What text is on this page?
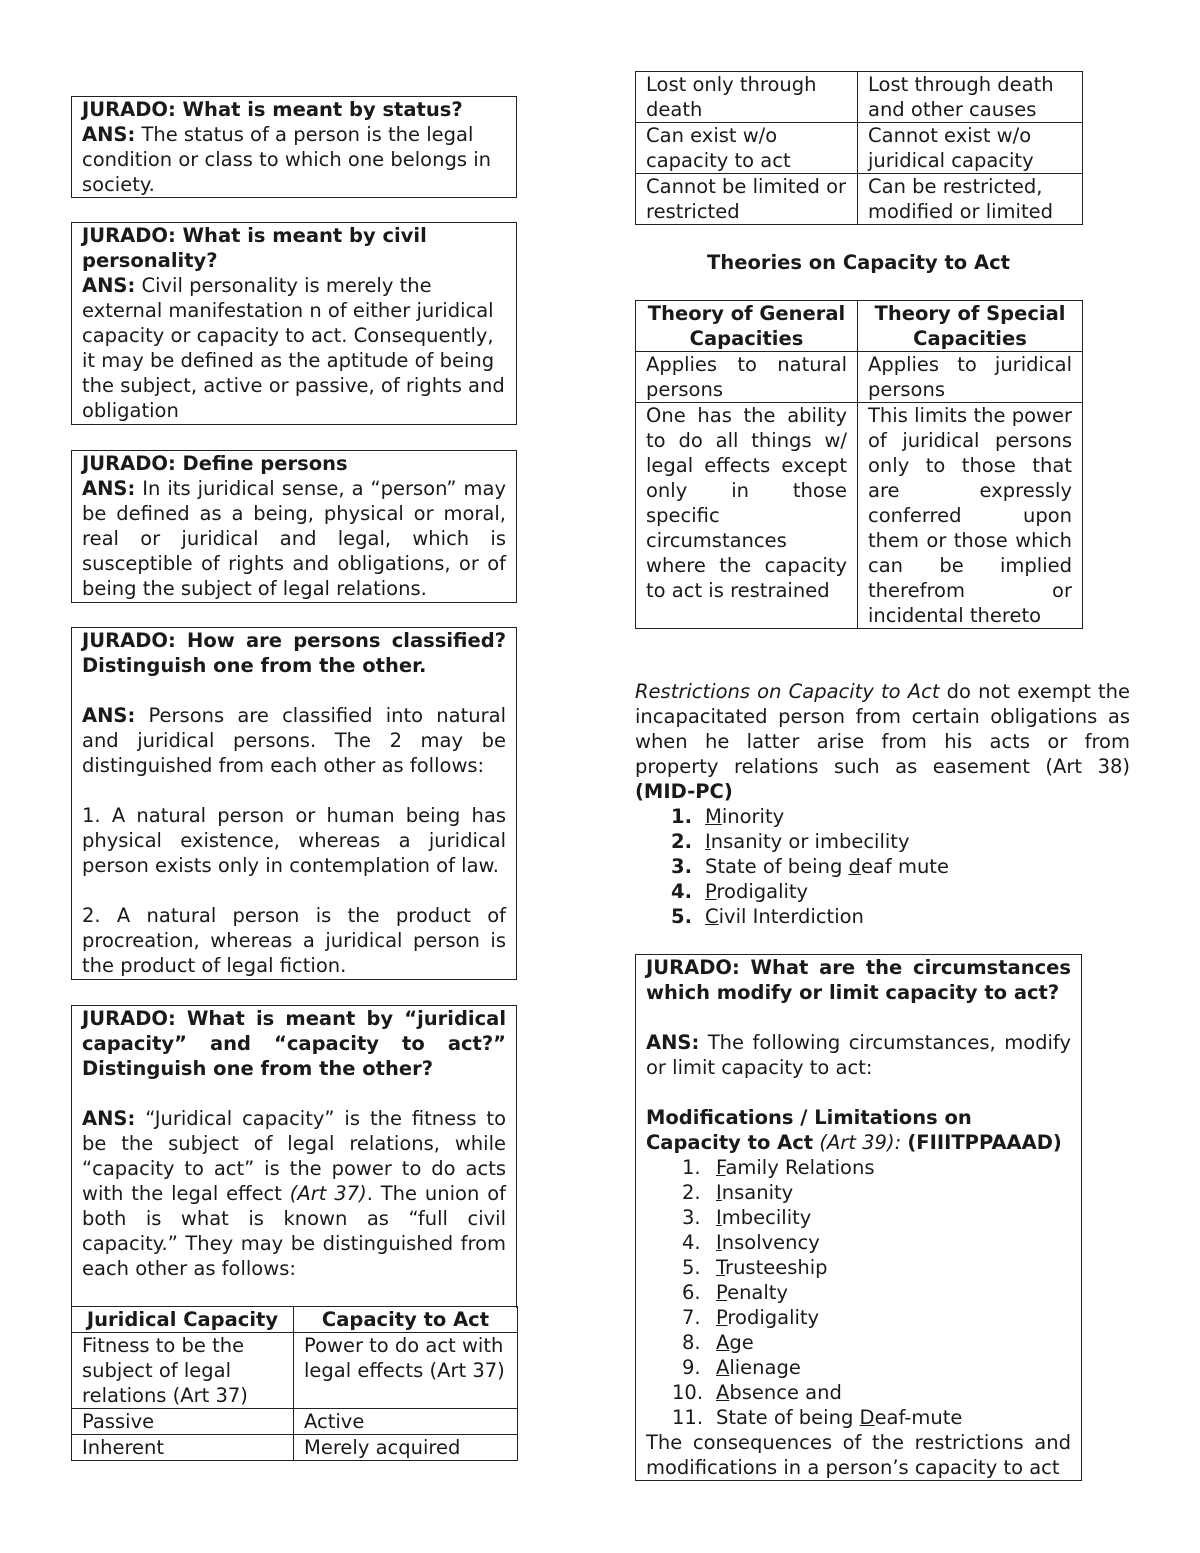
JURADO: What is meant by status?

ANS: The status of a person is the legal condition or class to which one belongs in society.

JURADO: What is meant by civil personality?

ANS: Civil personality is merely the external manifestation n of either juridical capacity or capacity to act. Consequently, it may be defined as the aptitude of being the subject, active or passive, of rights and obligation

JURADO: Define persons

ANS: In its juridical sense, a “person” may be defined as a being, physical or moral, real or juridical and legal, which is susceptible of rights and obligations, or of being the subject of legal relations.

JURADO: How are persons classified? Distinguish one from the other.

ANS: Persons are classified into natural and juridical persons. The 2 may be distinguished from each other as follows:

1. A natural person or human being has physical existence, whereas a juridical person exists only in contemplation of law.

2. A natural person is the product of procreation, whereas a juridical person is the product of legal fiction.

JURADO: What is meant by “juridical capacity” and “capacity to act?” Distinguish one from the other?

ANS: “Juridical capacity” is the fitness to be the subject of legal relations, while “capacity to act” is the power to do acts with the legal effect (Art 37). The union of both is what is known as “full civil capacity.” They may be distinguished from each other as follows:

Juridical Capacity	Capacity to Act
Fitness to be the subject of legal relations (Art 37)	Power to do act with legal effects (Art 37)
Passive	Active
Inherent	Merely acquired
Lost only through death	Lost through death and other causes
Can exist w/o capacity to act	Cannot exist w/o juridical capacity
Cannot be limited or restricted	Can be restricted, modified or limited
Theories on Capacity to Act
Theory of General Capacities	Theory of Special Capacities
Applies to natural persons	Applies to juridical persons
One has the ability to do all things w/ legal effects except only in those specific circumstances where the capacity to act is restrained	This limits the power of juridical persons only to those that are expressly conferred upon them or those which can be implied therefrom or incidental thereto

Restrictions on Capacity to Act do not exempt the incapacitated person from certain obligations as when he latter arise from his acts or from property relations such as easement (Art 38) (MID-PC)

1. Minority
2. Insanity or imbecility
3. State of being deaf mute
4. Prodigality
5. Civil Interdiction

JURADO: What are the circumstances which modify or limit capacity to act?

ANS: The following circumstances, modify or limit capacity to act:

Modifications / Limitations on Capacity to Act (Art 39): (FIIITPPAAAD)

1. Family Relations
2. Insanity
3. Imbecility
4. Insolvency
5. Trusteeship
6. Penalty
7. Prodigality
8. Age
9. Alienage
10. Absence and
11. State of being Deaf-mute

The consequences of the restrictions and modifications in a person’s capacity to act
